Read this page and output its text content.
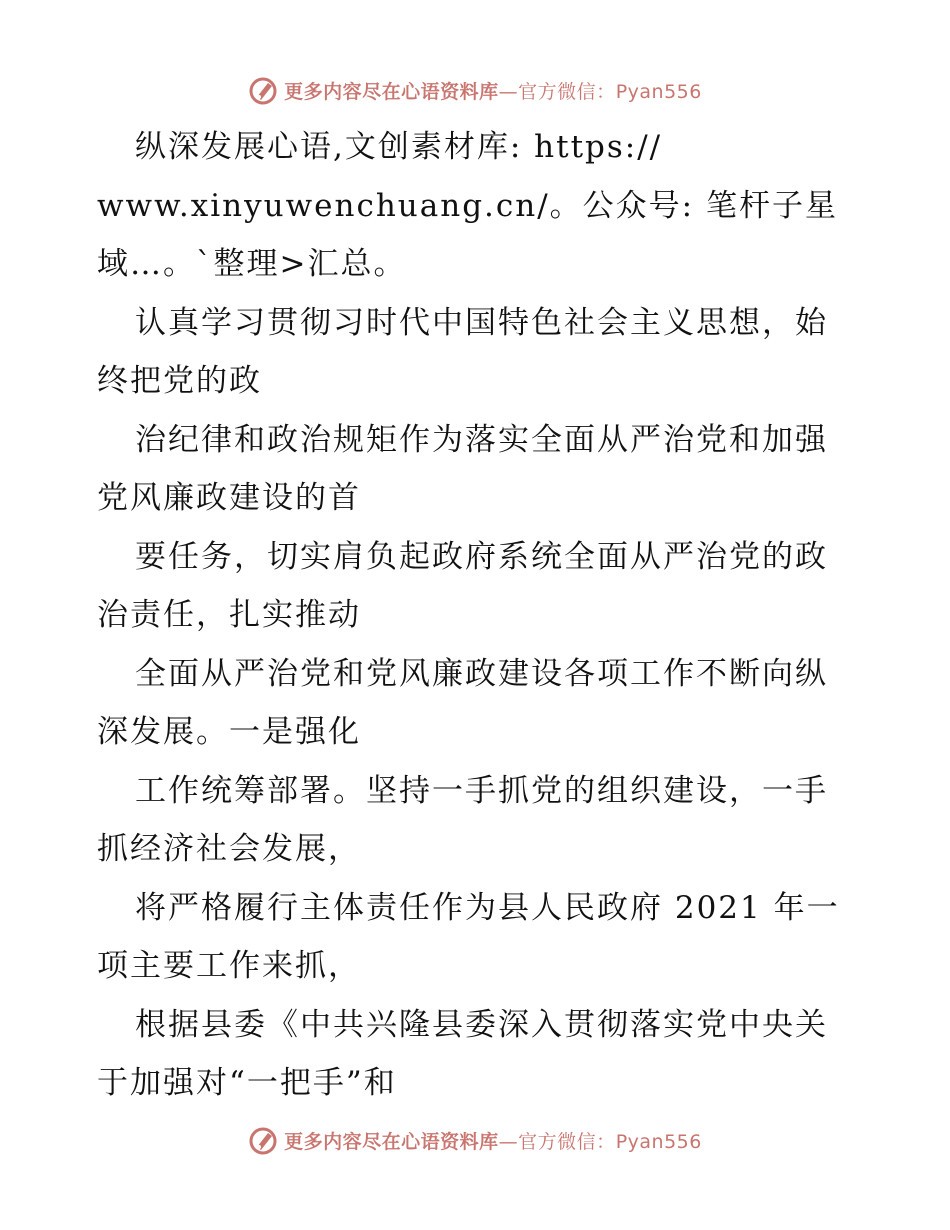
更多内容尽在心语资料库—官方微信：Pyan556
纵深发展心语,文创素材库: https://
www.xinyuwenchuang.cn/。公众号: 笔杆子星
域…。`整理>汇总。
认真学习贯彻习时代中国特色社会主义思想，始
终把党的政
治纪律和政治规矩作为落实全面从严治党和加强
党风廉政建设的首
要任务，切实肩负起政府系统全面从严治党的政
治责任，扎实推动
全面从严治党和党风廉政建设各项工作不断向纵
深发展。一是强化
工作统筹部署。坚持一手抓党的组织建设，一手
抓经济社会发展，
将严格履行主体责任作为县人民政府 2021 年一
项主要工作来抓，
根据县委《中共兴隆县委深入贯彻落实党中央关
于加强对“一把手”和
更多内容尽在心语资料库—官方微信：Pyan556
